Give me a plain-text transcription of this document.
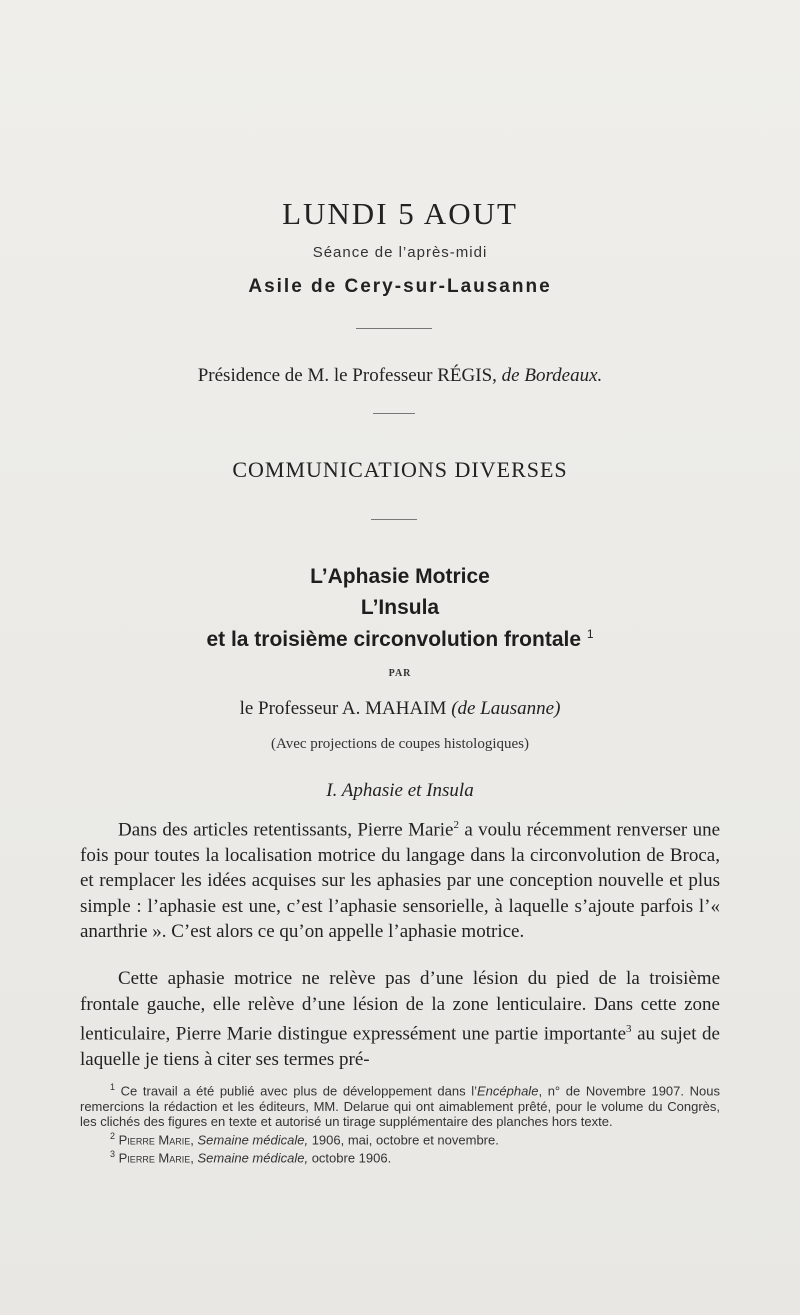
LUNDI 5 AOUT
Séance de l’après-midi
Asile de Cery-sur-Lausanne
Présidence de M. le Professeur RÉGIS, de Bordeaux.
COMMUNICATIONS DIVERSES
L’Aphasie Motrice
L’Insula
et la troisième circonvolution frontale $^1$
PAR
le Professeur A. MAHAIM (de Lausanne)
(Avec projections de coupes histologiques)
I. Aphasie et Insula

Dans des articles retentissants, Pierre Marie$^2$ a voulu récemment renverser une fois pour toutes la localisation motrice du langage dans la circonvolution de Broca, et remplacer les idées acquises sur les aphasies par une conception nouvelle et plus simple : l’aphasie est une, c’est l’aphasie sensorielle, à laquelle s’ajoute parfois l’« anarthrie ». C’est alors ce qu’on appelle l’aphasie motrice.

Cette aphasie motrice ne relève pas d’une lésion du pied de la troisième frontale gauche, elle relève d’une lésion de la zone lenticulaire. Dans cette zone lenticulaire, Pierre Marie distingue expressément une partie importante$^3$ au sujet de laquelle je tiens à citer ses termes pré-

$^1$ Ce travail a été publié avec plus de développement dans l’Encéphale, n° de Novembre 1907. Nous remercions la rédaction et les éditeurs, MM. Delarue qui ont aimablement prêté, pour le volume du Congrès, les clichés des figures en texte et autorisé un tirage supplémentaire des planches hors texte.

$^2$ Pierre Marie, Semaine médicale, 1906, mai, octobre et novembre.

$^3$ Pierre Marie, Semaine médicale, octobre 1906.
